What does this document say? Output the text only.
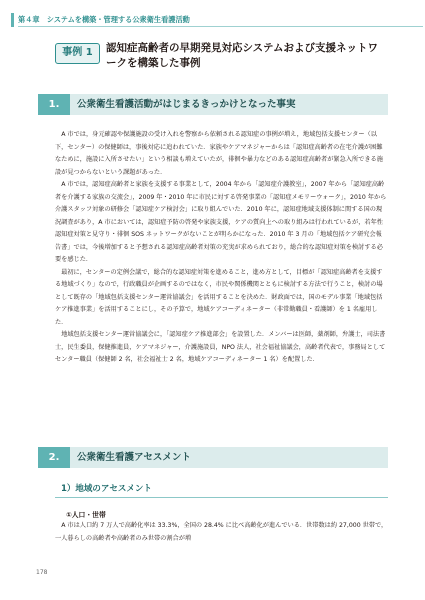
第４章　 システムを構築・管理する公衆衛生看護活動
事例 1	認知症高齢者の早期発見対応システムおよび支援ネットワークを構築した事例
1.	公衆衛生看護活動がはじまるきっかけとなった事実

A 市では，身元確認や保護施設の受け入れを警察から依頼される認知症の事例が増え，地域包括支援センター（以下，センター）の保健師は，事後対応に追われていた．家族やケアマネジャーからは「認知症高齢者の在宅介護が困難なために，施設に入所させたい」という相談も増えていたが，徘徊や暴力などのある認知症高齢者が緊急入所できる施設が見つからないという課題があった．

A 市では，認知症高齢者と家族を支援する事業として，2004 年から「認知症介護教室」，2007 年から「認知症高齢者を介護する家族の交流会」，2009 年・2010 年に市民に対する啓発事業の「認知症メモリーウォーク」，2010 年から介護スタッフ対象の研修会「認知症ケア検討会」に取り組んでいた．2010 年に，認知症地域支援体制に関する国の現況調査があり，A 市においては，認知症予防の啓発や家族支援，ケアの質向上への取り組みは行われているが，若年性認知症対策と見守り・徘徊 SOS ネットワークがないことが明らかになった．2010 年 3 月の「地域包括ケア研究会報告書」では，今後増加すると予想される認知症高齢者対策の充実が求められており，総合的な認知症対策を検討する必要を感じた．

最初に，センターの定例会議で，総合的な認知症対策を進めること，進め方として，目標が「認知症高齢者を支援する地域づくり」なので，行政職員が企画するのではなく，市民や関係機関とともに検討する方法で行うこと，検討の場として既存の「地域包括支援センター運営協議会」を活用することを決めた．財政面では，国のモデル事業「地域包括ケア推進事業」を活用することにし，その予算で，地域ケアコーディネーター（非常勤職員・看護師）を 1 名雇用した．

地域包括支援センター運営協議会に，「認知症ケア推進部会」を設置した．メンバーは医師，薬剤師，弁護士，司法書士，民生委員，保健推進員，ケアマネジャー，介護施設員，NPO 法人，社会福祉協議会，高齢者代表で，事務局としてセンター職員（保健師 2 名，社会福祉士 2 名，地域ケアコーディネーター 1 名）を配置した．

2.	公衆衛生看護アセスメント
1）地域のアセスメント
①人口・世帯

A 市は人口約 7 万人で高齢化率は 33.3%，全国の 28.4% に比べ高齢化が進んでいる．世帯数は約 27,000 世帯で，一人暮らしの高齢者や高齢者のみ世帯の割合が増

178
